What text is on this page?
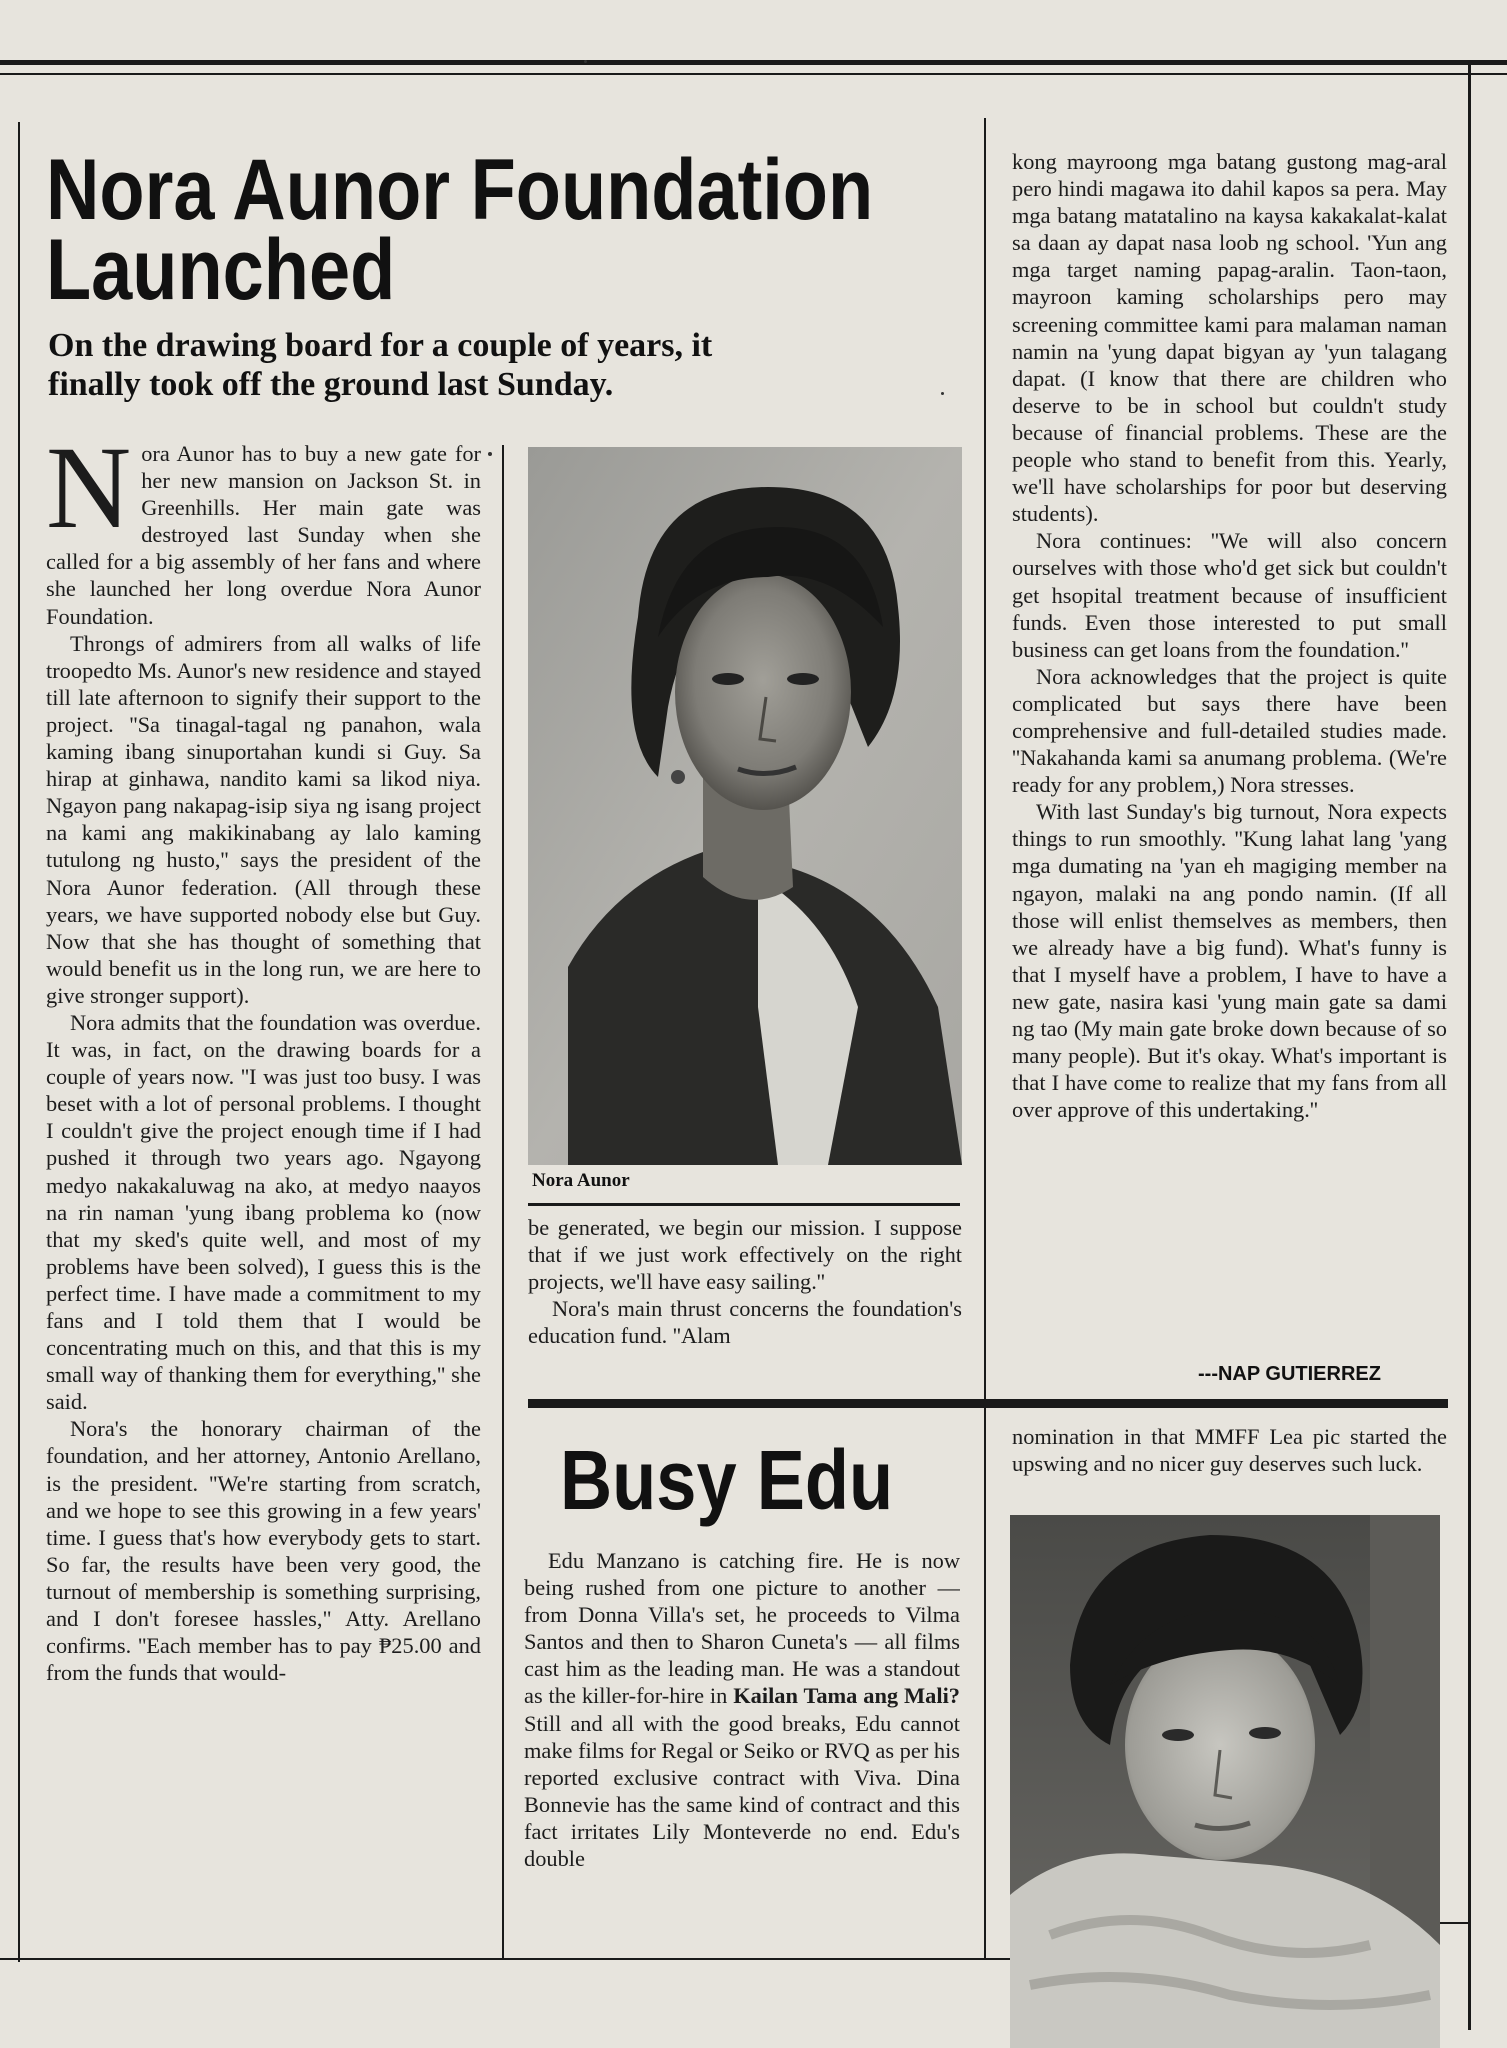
Nora Aunor Foundation
Launched

On the drawing board for a couple of years, it

finally took off the ground last Sunday.

Nora Aunor has to buy a new gate for her new mansion on Jackson St. in Greenhills. Her main gate was destroyed last Sunday when she called for a big assembly of her fans and where she launched her long overdue Nora Aunor Foundation.

Throngs of admirers from all walks of life troopedto Ms. Aunor's new residence and stayed till late afternoon to signify their support to the project. ''Sa tinagal-tagal ng panahon, wala kaming ibang sinuportahan kundi si Guy. Sa hirap at ginhawa, nandito kami sa likod niya. Ngayon pang nakapag-isip siya ng isang project na kami ang makikinabang ay lalo kaming tutulong ng husto,'' says the president of the Nora Aunor federation. (All through these years, we have supported nobody else but Guy. Now that she has thought of something that would benefit us in the long run, we are here to give stronger support).

Nora admits that the foundation was overdue. It was, in fact, on the drawing boards for a couple of years now. ''I was just too busy. I was beset with a lot of personal problems. I thought I couldn't give the project enough time if I had pushed it through two years ago. Ngayong medyo nakakaluwag na ako, at medyo naayos na rin naman 'yung ibang problema ko (now that my sked's quite well, and most of my problems have been solved), I guess this is the perfect time. I have made a commitment to my fans and I told them that I would be concentrating much on this, and that this is my small way of thanking them for everything,'' she said.

Nora's the honorary chairman of the foundation, and her attorney, Antonio Arellano, is the president. ''We're starting from scratch, and we hope to see this growing in a few years' time. I guess that's how everybody gets to start. So far, the results have been very good, the turnout of membership is something surprising, and I don't foresee hassles," Atty. Arellano confirms. ''Each member has to pay ₱25.00 and from the funds that would-

Nora Aunor

be generated, we begin our mission. I suppose that if we just work effectively on the right projects, we'll have easy sailing.''

Nora's main thrust concerns the foundation's education fund. ''Alam

kong mayroong mga batang gustong mag-aral pero hindi magawa ito dahil kapos sa pera. May mga batang matatalino na kaysa kakakalat-kalat sa daan ay dapat nasa loob ng school. 'Yun ang mga target naming papag-aralin. Taon-taon, mayroon kaming scholarships pero may screening committee kami para malaman naman namin na 'yung dapat bigyan ay 'yun talagang dapat. (I know that there are children who deserve to be in school but couldn't study because of financial problems. These are the people who stand to benefit from this. Yearly, we'll have scholarships for poor but deserving students).

Nora continues: ''We will also concern ourselves with those who'd get sick but couldn't get hsopital treatment because of insufficient funds. Even those interested to put small business can get loans from the foundation.''

Nora acknowledges that the project is quite complicated but says there have been comprehensive and full-detailed studies made. ''Nakahanda kami sa anumang problema. (We're ready for any problem,) Nora stresses.

With last Sunday's big turnout, Nora expects things to run smoothly. ''Kung lahat lang 'yang mga dumating na 'yan eh magiging member na ngayon, malaki na ang pondo namin. (If all those will enlist themselves as members, then we already have a big fund). What's funny is that I myself have a problem, I have to have a new gate, nasira kasi 'yung main gate sa dami ng tao (My main gate broke down because of so many people). But it's okay. What's important is that I have come to realize that my fans from all over approve of this undertaking.''

---NAP GUTIERREZ

Busy Edu

Edu Manzano is catching fire. He is now being rushed from one picture to another — from Donna Villa's set, he proceeds to Vilma Santos and then to Sharon Cuneta's — all films cast him as the leading man. He was a standout as the killer-for-hire in Kailan Tama ang Mali? Still and all with the good breaks, Edu cannot make films for Regal or Seiko or RVQ as per his reported exclusive contract with Viva. Dina Bonnevie has the same kind of contract and this fact irritates Lily Monteverde no end. Edu's double

nomination in that MMFF Lea pic started the upswing and no nicer guy deserves such luck.
